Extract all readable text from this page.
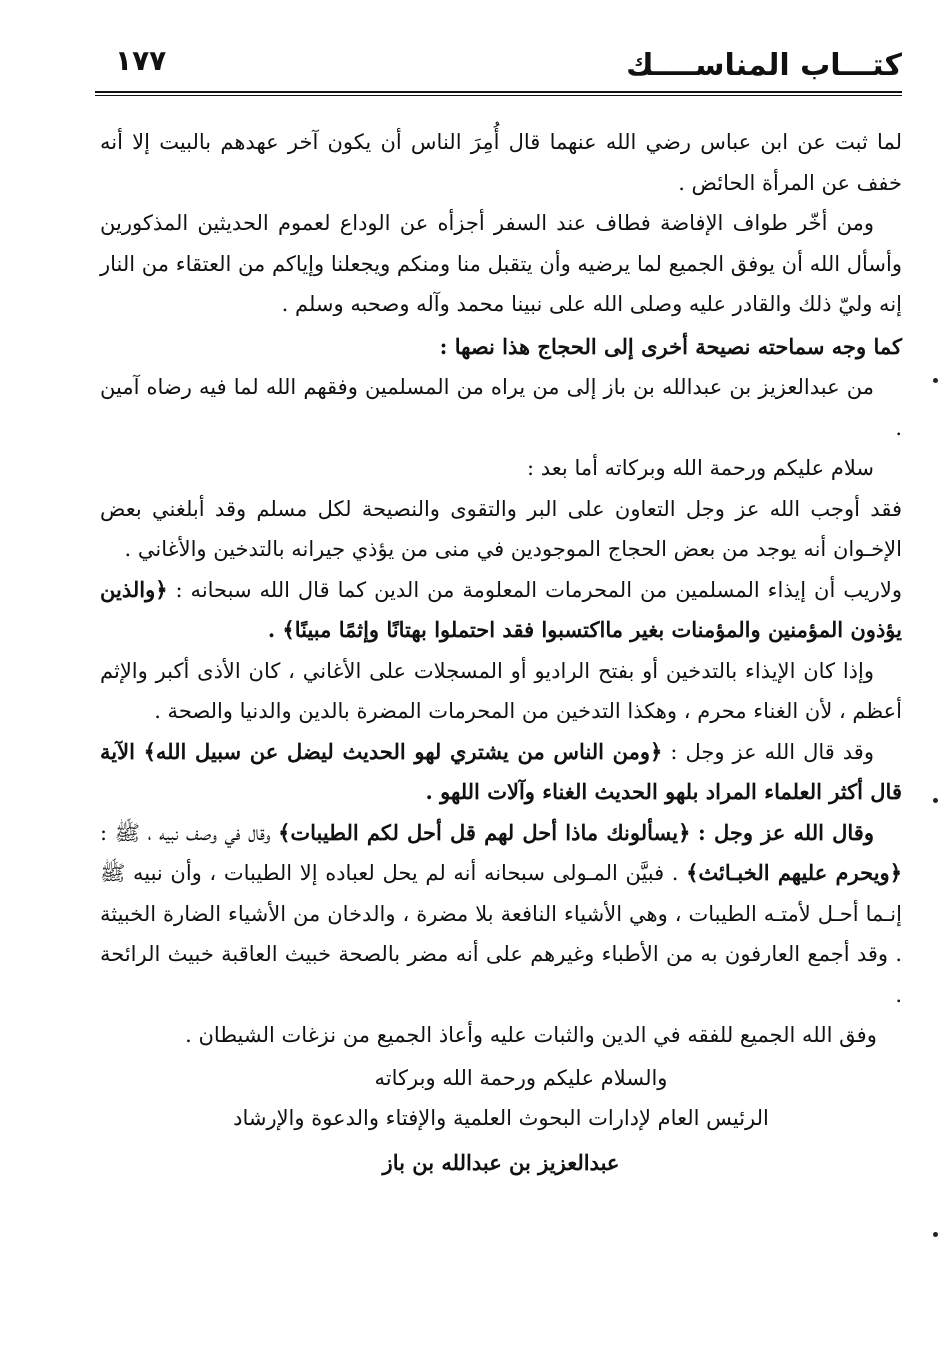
كتـــاب المناســــك
١٧٧

لما ثبت عن ابن عباس رضي الله عنهما قال أُمِرَ الناس أن يكون آخر عهدهم بالبيت إلا أنه خفف عن المرأة الحائض .

ومن أخّر طواف الإفاضة فطاف عند السفر أجزأه عن الوداع لعموم الحديثين المذكورين وأسأل الله أن يوفق الجميع لما يرضيه وأن يتقبل منا ومنكم ويجعلنا وإياكم من العتقاء من النار إنه وليّ ذلك والقادر عليه وصلى الله على نبينا محمد وآله وصحبه وسلم .

كما وجه سماحته نصيحة أخرى إلى الحجاج هذا نصها :

من عبدالعزيز بن عبدالله بن باز إلى من يراه من المسلمين وفقهم الله لما فيه رضاه آمين .

سلام عليكم ورحمة الله وبركاته أما بعد :

فقد أوجب الله عز وجل التعاون على البر والتقوى والنصيحة لكل مسلم وقد أبلغني بعض الإخـوان أنه يوجد من بعض الحجاج الموجودين في منى من يؤذي جيرانه بالتدخين والأغاني .

ولاريب أن إيذاء المسلمين من المحرمات المعلومة من الدين كما قال الله سبحانه : ﴿والذين يؤذون المؤمنين والمؤمنات بغير مااكتسبوا فقد احتملوا بهتانًا وإثمًا مبينًا﴾ .

وإذا كان الإيذاء بالتدخين أو بفتح الراديو أو المسجلات على الأغاني ، كان الأذى أكبر والإثم أعظم ، لأن الغناء محرم ، وهكذا التدخين من المحرمات المضرة بالدين والدنيا والصحة .

وقد قال الله عز وجل : ﴿ومن الناس من يشتري لهو الحديث ليضل عن سبيل الله﴾ الآية قال أكثر العلماء المراد بلهو الحديث الغناء وآلات اللهو .

وقال الله عز وجل : ﴿يسألونك ماذا أحل لهم قل أحل لكم الطيبات﴾ وقال في وصف نبيه ، ﷺ : ﴿ويحرم عليهم الخبـائث﴾ . فبيَّن المـولى سبحانه أنه لم يحل لعباده إلا الطيبات ، وأن نبيه ﷺ إنـما أحـل لأمتـه الطيبات ، وهي الأشياء النافعة بلا مضرة ، والدخان من الأشياء الضارة الخبيثة . وقد أجمع العارفون به من الأطباء وغيرهم على أنه مضر بالصحة خبيث العاقبة خبيث الرائحة .

وفق الله الجميع للفقه في الدين والثبات عليه وأعاذ الجميع من نزغات الشيطان .

والسلام عليكم ورحمة الله وبركاته

الرئيس العام لإدارات البحوث العلمية والإفتاء والدعوة والإرشاد

عبدالعزيز بن عبدالله بن باز
